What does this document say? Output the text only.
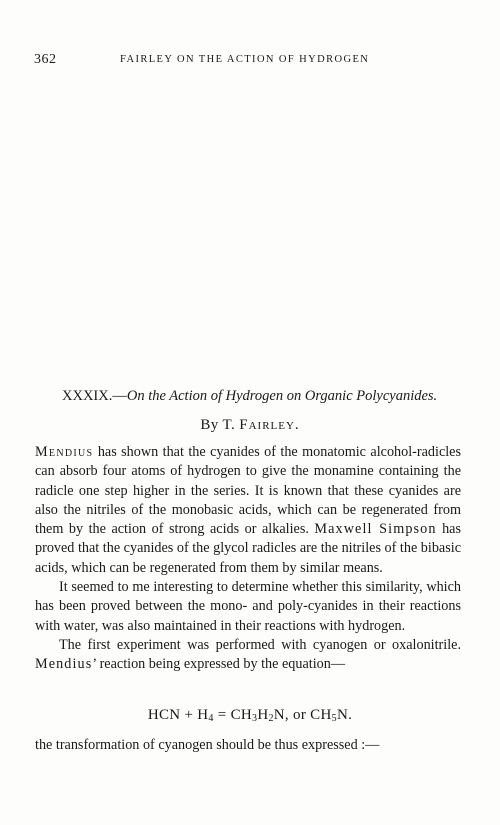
362	FAIRLEY ON THE ACTION OF HYDROGEN
XXXIX.—On the Action of Hydrogen on Organic Polycyanides.
By T. Fairley.

Mendius has shown that the cyanides of the monatomic alcohol-radicles can absorb four atoms of hydrogen to give the monamine containing the radicle one step higher in the series. It is known that these cyanides are also the nitriles of the monobasic acids, which can be regenerated from them by the action of strong acids or alkalies. Maxwell Simpson has proved that the cyanides of the glycol radicles are the nitriles of the bibasic acids, which can be regenerated from them by similar means.

It seemed to me interesting to determine whether this similarity, which has been proved between the mono- and poly-cyanides in their reactions with water, was also maintained in their reactions with hydrogen.

The first experiment was performed with cyanogen or oxalonitrile. Mendius’ reaction being expressed by the equation—

HCN + $H_4 = CH_3H_2N$, or $CH_5N$.
the transformation of cyanogen should be thus expressed :—
